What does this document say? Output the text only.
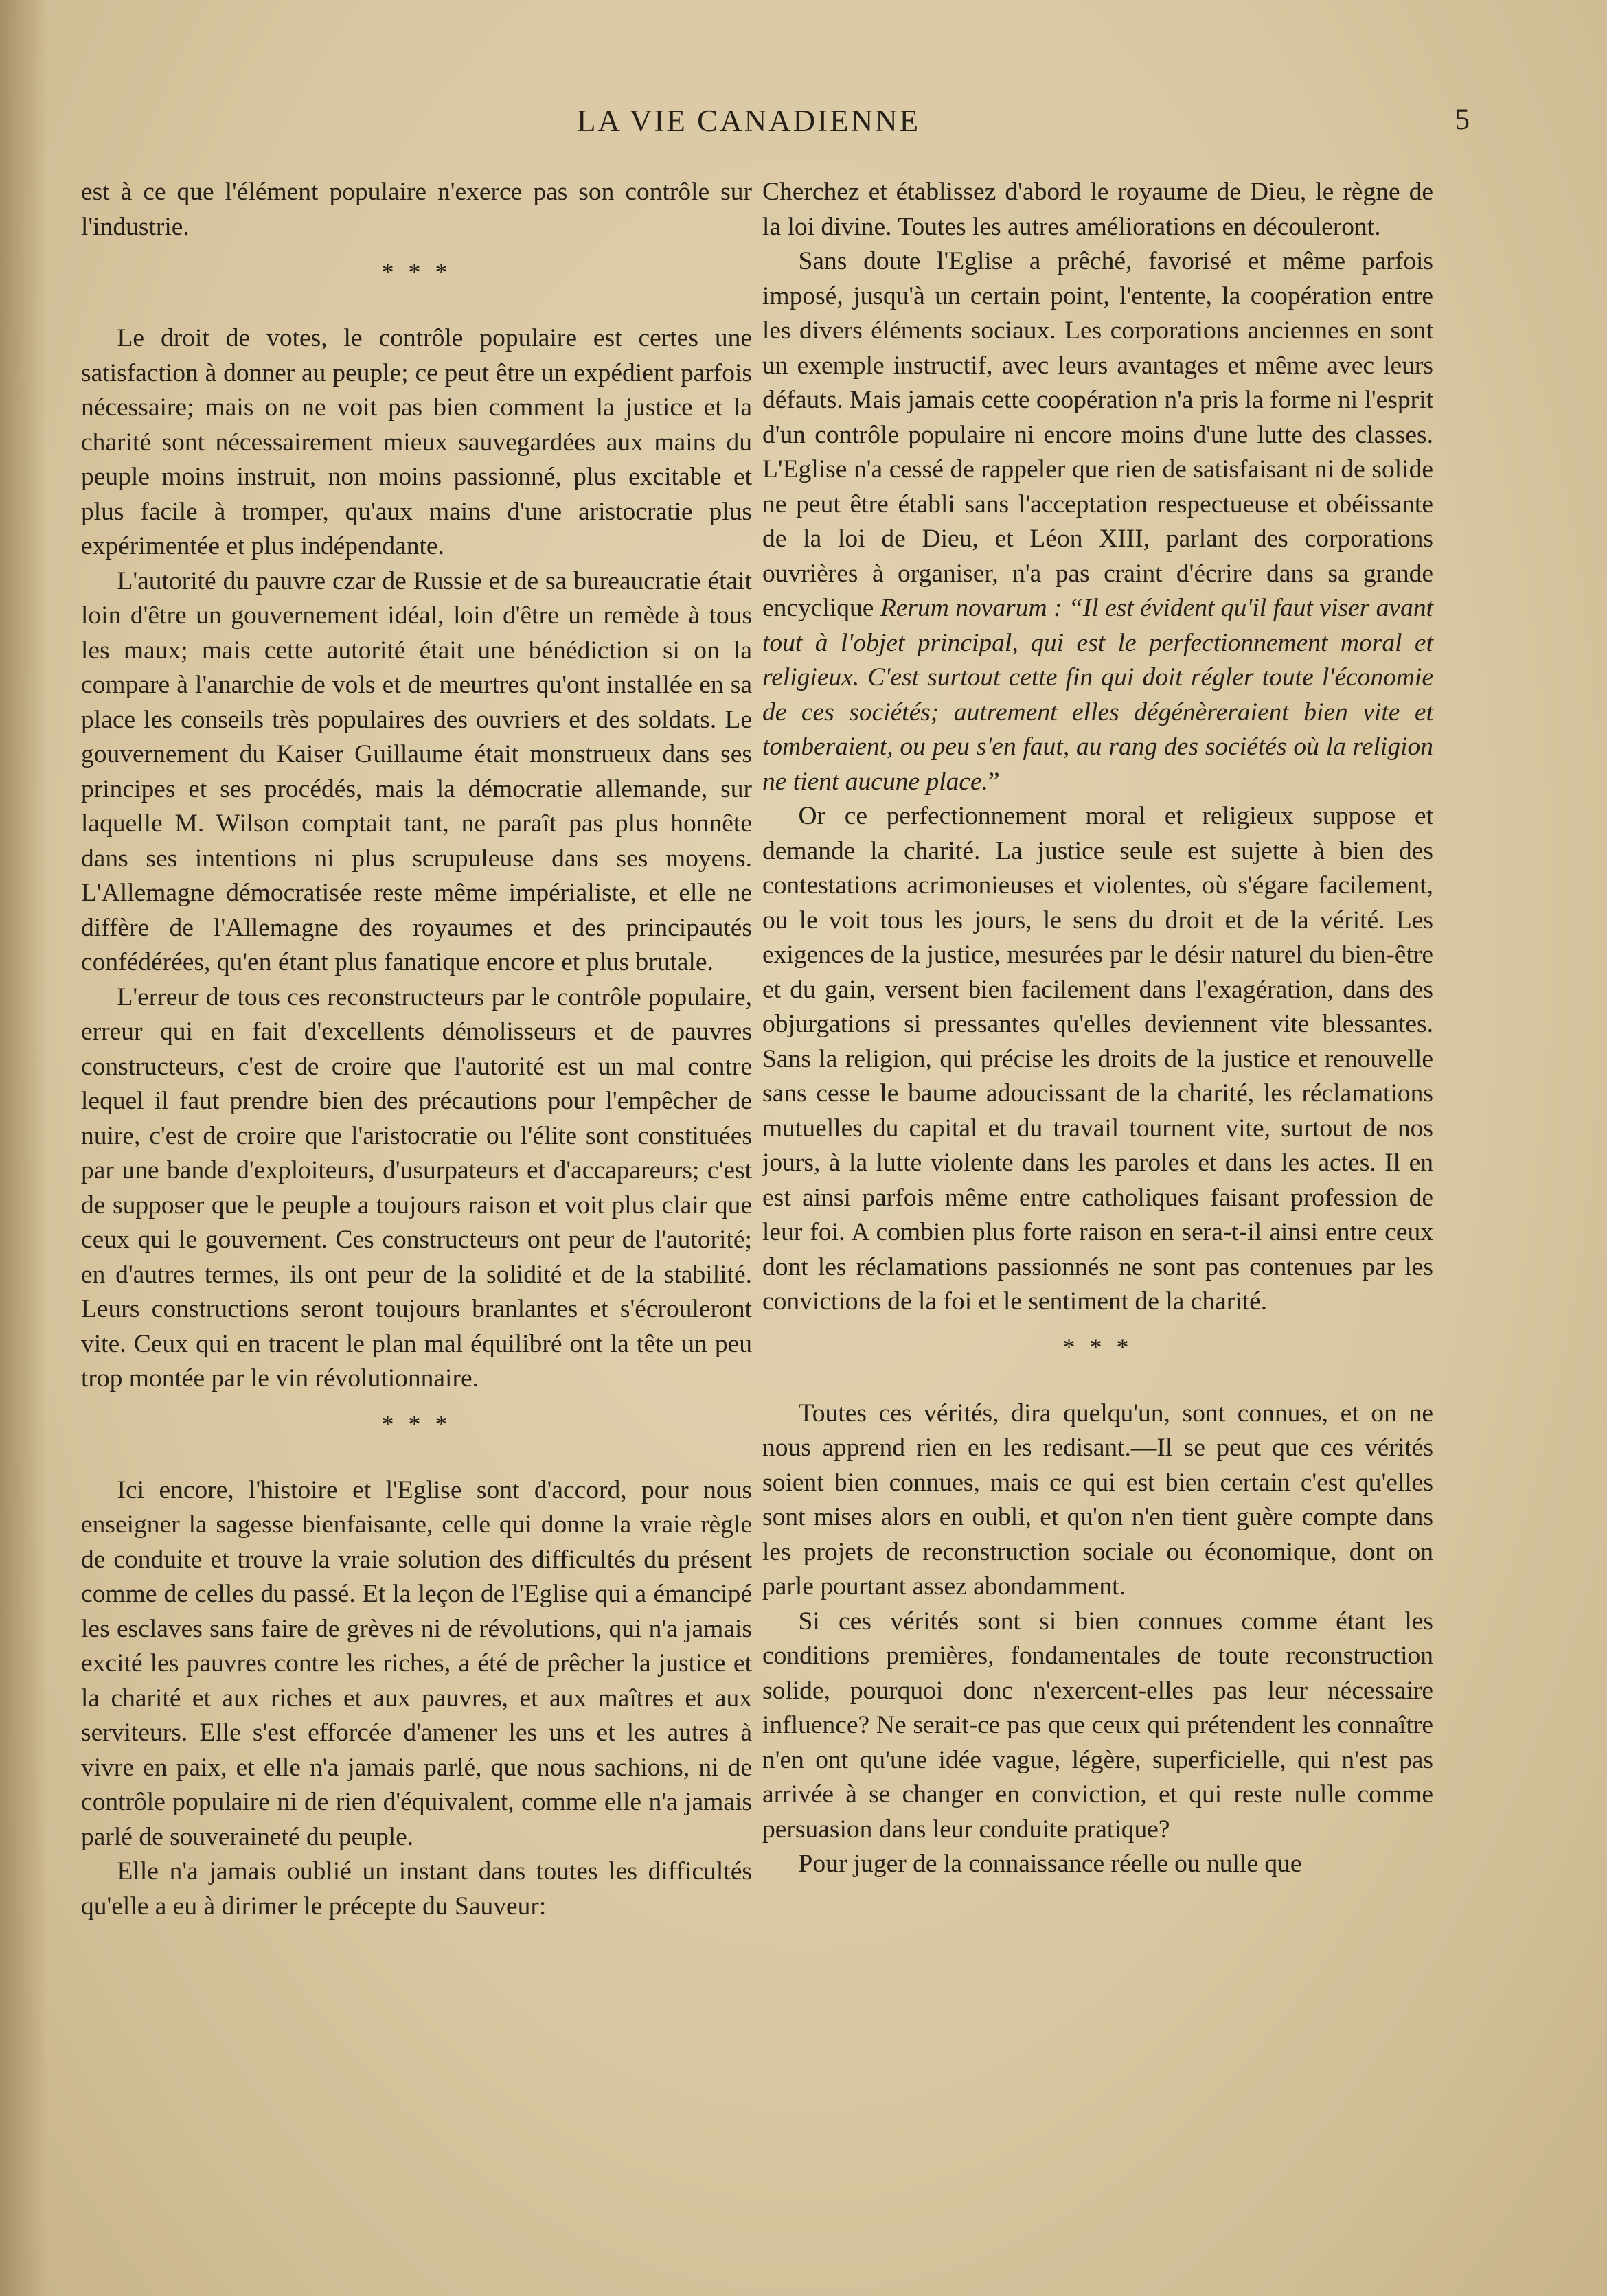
LA VIE CANADIENNE	5

est à ce que l'élément populaire n'exerce pas son contrôle sur l'industrie.

* * *

Le droit de votes, le contrôle populaire est certes une satisfaction à donner au peuple; ce peut être un expédient parfois nécessaire; mais on ne voit pas bien comment la justice et la charité sont nécessairement mieux sauvegardées aux mains du peuple moins instruit, non moins passionné, plus excitable et plus facile à tromper, qu'aux mains d'une aristocratie plus expérimentée et plus indépendante.

L'autorité du pauvre czar de Russie et de sa bureaucratie était loin d'être un gouvernement idéal, loin d'être un remède à tous les maux; mais cette autorité était une bénédiction si on la compare à l'anarchie de vols et de meurtres qu'ont installée en sa place les conseils très populaires des ouvriers et des soldats. Le gouvernement du Kaiser Guillaume était monstrueux dans ses principes et ses procédés, mais la démocratie allemande, sur laquelle M. Wilson comptait tant, ne paraît pas plus honnête dans ses intentions ni plus scrupuleuse dans ses moyens. L'Allemagne démocratisée reste même impérialiste, et elle ne diffère de l'Allemagne des royaumes et des principautés confédérées, qu'en étant plus fanatique encore et plus brutale.

L'erreur de tous ces reconstructeurs par le contrôle populaire, erreur qui en fait d'excellents démolisseurs et de pauvres constructeurs, c'est de croire que l'autorité est un mal contre lequel il faut prendre bien des précautions pour l'empêcher de nuire, c'est de croire que l'aristocratie ou l'élite sont constituées par une bande d'exploiteurs, d'usurpateurs et d'accapareurs; c'est de supposer que le peuple a toujours raison et voit plus clair que ceux qui le gouvernent. Ces constructeurs ont peur de l'autorité; en d'autres termes, ils ont peur de la solidité et de la stabilité. Leurs constructions seront toujours branlantes et s'écrouleront vite. Ceux qui en tracent le plan mal équilibré ont la tête un peu trop montée par le vin révolutionnaire.

* * *

Ici encore, l'histoire et l'Eglise sont d'accord, pour nous enseigner la sagesse bienfaisante, celle qui donne la vraie règle de conduite et trouve la vraie solution des difficultés du présent comme de celles du passé. Et la leçon de l'Eglise qui a émancipé les esclaves sans faire de grèves ni de révolutions, qui n'a jamais excité les pauvres contre les riches, a été de prêcher la justice et la charité et aux riches et aux pauvres, et aux maîtres et aux serviteurs. Elle s'est efforcée d'amener les uns et les autres à vivre en paix, et elle n'a jamais parlé, que nous sachions, ni de contrôle populaire ni de rien d'équivalent, comme elle n'a jamais parlé de souveraineté du peuple.

Elle n'a jamais oublié un instant dans toutes les difficultés qu'elle a eu à dirimer le précepte du Sauveur:

Cherchez et établissez d'abord le royaume de Dieu, le règne de la loi divine. Toutes les autres améliorations en découleront.

Sans doute l'Eglise a prêché, favorisé et même parfois imposé, jusqu'à un certain point, l'entente, la coopération entre les divers éléments sociaux. Les corporations anciennes en sont un exemple instructif, avec leurs avantages et même avec leurs défauts. Mais jamais cette coopération n'a pris la forme ni l'esprit d'un contrôle populaire ni encore moins d'une lutte des classes. L'Eglise n'a cessé de rappeler que rien de satisfaisant ni de solide ne peut être établi sans l'acceptation respectueuse et obéissante de la loi de Dieu, et Léon XIII, parlant des corporations ouvrières à organiser, n'a pas craint d'écrire dans sa grande encyclique Rerum novarum : “Il est évident qu'il faut viser avant tout à l'objet principal, qui est le perfectionnement moral et religieux. C'est surtout cette fin qui doit régler toute l'économie de ces sociétés; autrement elles dégénèreraient bien vite et tomberaient, ou peu s'en faut, au rang des sociétés où la religion ne tient aucune place.”

Or ce perfectionnement moral et religieux suppose et demande la charité. La justice seule est sujette à bien des contestations acrimonieuses et violentes, où s'égare facilement, ou le voit tous les jours, le sens du droit et de la vérité. Les exigences de la justice, mesurées par le désir naturel du bien-être et du gain, versent bien facilement dans l'exagération, dans des objurgations si pressantes qu'elles deviennent vite blessantes. Sans la religion, qui précise les droits de la justice et renouvelle sans cesse le baume adoucissant de la charité, les réclamations mutuelles du capital et du travail tournent vite, surtout de nos jours, à la lutte violente dans les paroles et dans les actes. Il en est ainsi parfois même entre catholiques faisant profession de leur foi. A combien plus forte raison en sera-t-il ainsi entre ceux dont les réclamations passionnés ne sont pas contenues par les convictions de la foi et le sentiment de la charité.

* * *

Toutes ces vérités, dira quelqu'un, sont connues, et on ne nous apprend rien en les redisant.—Il se peut que ces vérités soient bien connues, mais ce qui est bien certain c'est qu'elles sont mises alors en oubli, et qu'on n'en tient guère compte dans les projets de reconstruction sociale ou économique, dont on parle pourtant assez abondamment.

Si ces vérités sont si bien connues comme étant les conditions premières, fondamentales de toute reconstruction solide, pourquoi donc n'exercent-elles pas leur nécessaire influence? Ne serait-ce pas que ceux qui prétendent les connaître n'en ont qu'une idée vague, légère, superficielle, qui n'est pas arrivée à se changer en conviction, et qui reste nulle comme persuasion dans leur conduite pratique?

Pour juger de la connaissance réelle ou nulle que
